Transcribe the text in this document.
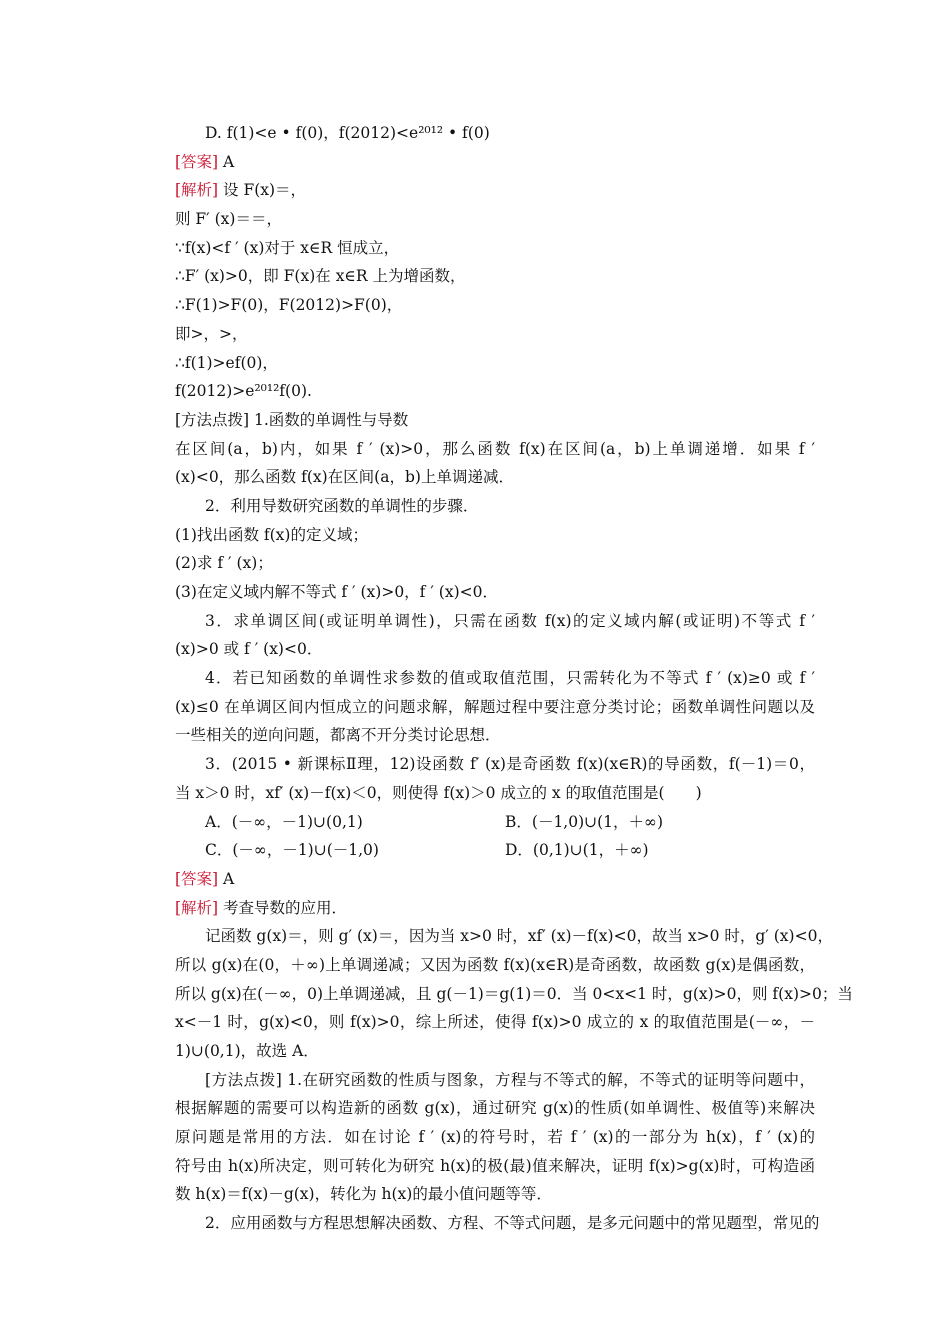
D. f(1)<e • f(0)，f(2012)<e²⁰¹² • f(0)
[答案] A
[解析] 设 F(x)＝，
则 F′ (x)＝＝，
∵f(x)<f ′ (x)对于 x∈R 恒成立，
∴F′ (x)>0，即 F(x)在 x∈R 上为增函数，
∴F(1)>F(0)，F(2012)>F(0)，
即>，>，
∴f(1)>ef(0)，
f(2012)>e²⁰¹²f(0).
[方法点拨] 1.函数的单调性与导数
在区间(a，b)内，如果 f ′ (x)>0，那么函数 f(x)在区间(a，b)上单调递增．如果 f ′
(x)<0，那么函数 f(x)在区间(a，b)上单调递减．
2．利用导数研究函数的单调性的步骤．
(1)找出函数 f(x)的定义域；
(2)求 f ′ (x)；
(3)在定义域内解不等式 f ′ (x)>0，f ′ (x)<0．
3．求单调区间(或证明单调性)，只需在函数 f(x)的定义域内解(或证明)不等式 f ′
(x)>0 或 f ′ (x)<0．
4．若已知函数的单调性求参数的值或取值范围，只需转化为不等式 f ′ (x)≥0 或 f ′
(x)≤0 在单调区间内恒成立的问题求解，解题过程中要注意分类讨论；函数单调性问题以及
一些相关的逆向问题，都离不开分类讨论思想．
3．(2015 • 新课标Ⅱ理，12)设函数 f′ (x)是奇函数 f(x)(x∈R)的导函数，f(－1)＝0，
当 x＞0 时，xf′ (x)－f(x)＜0，则使得 f(x)＞0 成立的 x 的取值范围是(　　)
A．(－∞，－1)∪(0,1)	B．(－1,0)∪(1，＋∞)
C．(－∞，－1)∪(－1,0)	D．(0,1)∪(1，＋∞)
[答案] A
[解析] 考查导数的应用．
记函数 g(x)＝，则 g′ (x)＝，因为当 x>0 时，xf′ (x)－f(x)<0，故当 x>0 时，g′ (x)<0，
所以 g(x)在(0，＋∞)上单调递减；又因为函数 f(x)(x∈R)是奇函数，故函数 g(x)是偶函数，
所以 g(x)在(－∞，0)上单调递减，且 g(－1)＝g(1)＝0．当 0<x<1 时，g(x)>0，则 f(x)>0；当
x<－1 时，g(x)<0，则 f(x)>0，综上所述，使得 f(x)>0 成立的 x 的取值范围是(－∞，－
1)∪(0,1)，故选 A．
[方法点拨] 1.在研究函数的性质与图象，方程与不等式的解，不等式的证明等问题中，
根据解题的需要可以构造新的函数 g(x)，通过研究 g(x)的性质(如单调性、极值等)来解决
原问题是常用的方法．如在讨论 f ′ (x)的符号时，若 f ′ (x)的一部分为 h(x)，f ′ (x)的
符号由 h(x)所决定，则可转化为研究 h(x)的极(最)值来解决，证明 f(x)>g(x)时，可构造函
数 h(x)＝f(x)－g(x)，转化为 h(x)的最小值问题等等．
2．应用函数与方程思想解决函数、方程、不等式问题，是多元问题中的常见题型，常见的
